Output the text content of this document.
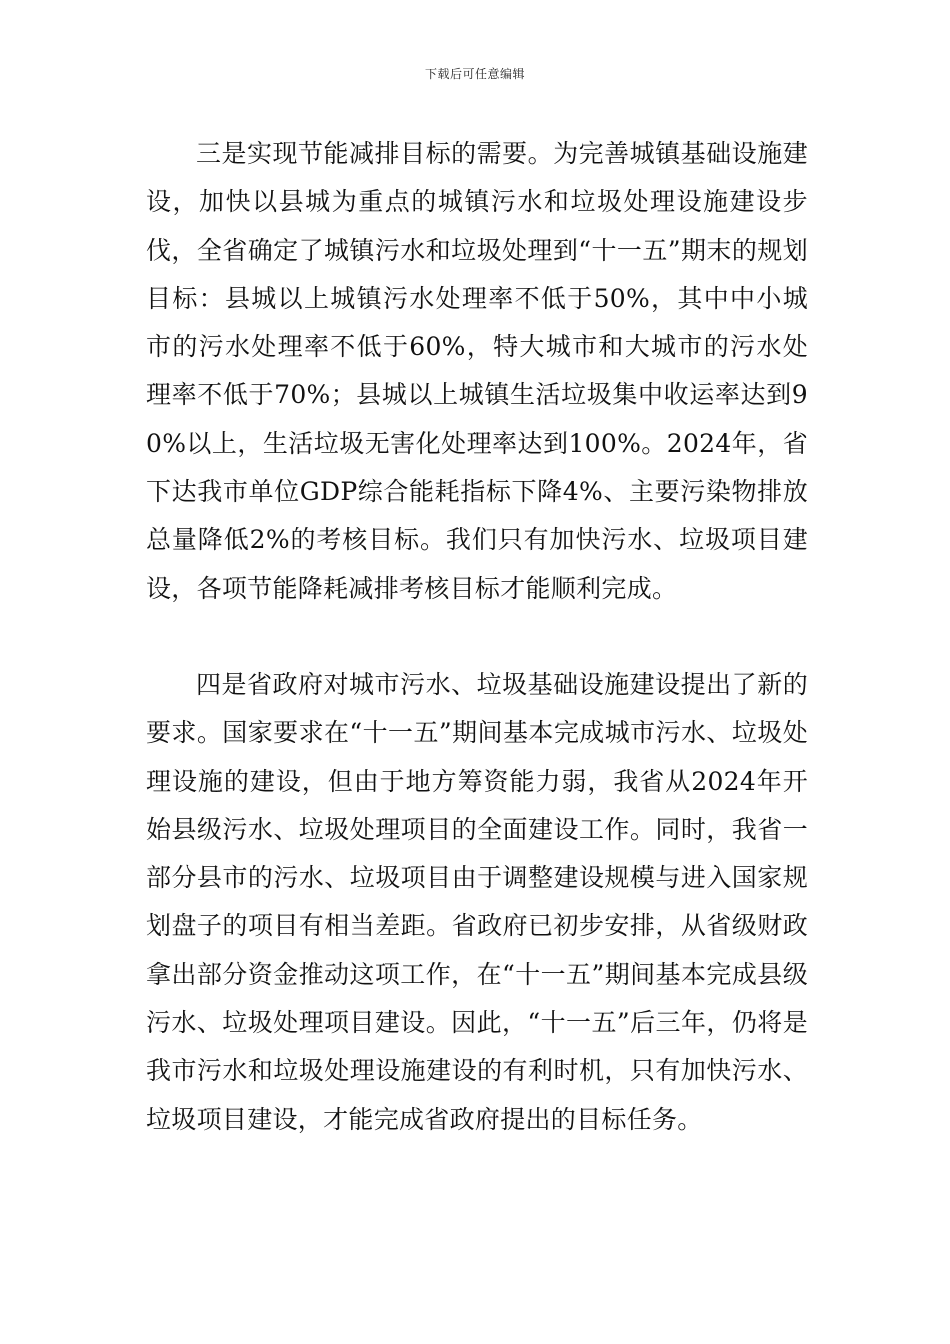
下载后可任意编辑

三是实现节能减排目标的需要。为完善城镇基础设施建设，加快以县城为重点的城镇污水和垃圾处理设施建设步伐，全省确定了城镇污水和垃圾处理到“十一五”期末的规划目标：县城以上城镇污水处理率不低于50%，其中中小城市的污水处理率不低于60%，特大城市和大城市的污水处理率不低于70%；县城以上城镇生活垃圾集中收运率达到90%以上，生活垃圾无害化处理率达到100%。2024年，省下达我市单位GDP综合能耗指标下降4%、主要污染物排放总量降低2%的考核目标。我们只有加快污水、垃圾项目建设，各项节能降耗减排考核目标才能顺利完成。

四是省政府对城市污水、垃圾基础设施建设提出了新的要求。国家要求在“十一五”期间基本完成城市污水、垃圾处理设施的建设，但由于地方筹资能力弱，我省从2024年开始县级污水、垃圾处理项目的全面建设工作。同时，我省一部分县市的污水、垃圾项目由于调整建设规模与进入国家规划盘子的项目有相当差距。省政府已初步安排，从省级财政拿出部分资金推动这项工作，在“十一五”期间基本完成县级污水、垃圾处理项目建设。因此，“十一五”后三年，仍将是我市污水和垃圾处理设施建设的有利时机，只有加快污水、垃圾项目建设，才能完成省政府提出的目标任务。
